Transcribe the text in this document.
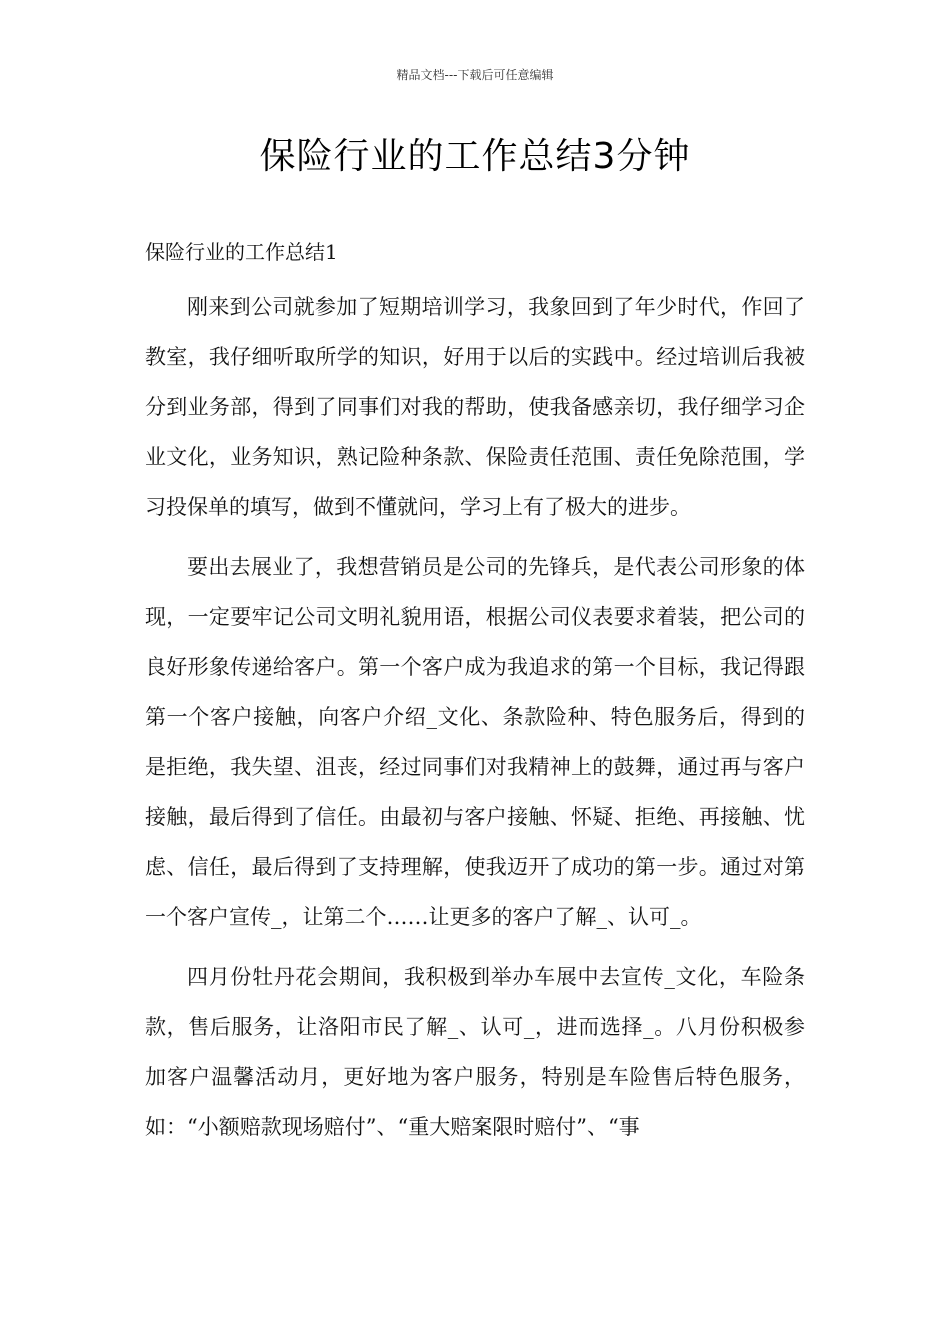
精品文档---下载后可任意编辑
保险行业的工作总结3分钟

保险行业的工作总结1

刚来到公司就参加了短期培训学习，我象回到了年少时代，作回了教室，我仔细听取所学的知识，好用于以后的实践中。经过培训后我被分到业务部，得到了同事们对我的帮助，使我备感亲切，我仔细学习企业文化，业务知识，熟记险种条款、保险责任范围、责任免除范围，学习投保单的填写，做到不懂就问，学习上有了极大的进步。

要出去展业了，我想营销员是公司的先锋兵，是代表公司形象的体现，一定要牢记公司文明礼貌用语，根据公司仪表要求着装，把公司的良好形象传递给客户。第一个客户成为我追求的第一个目标，我记得跟第一个客户接触，向客户介绍_文化、条款险种、特色服务后，得到的是拒绝，我失望、沮丧，经过同事们对我精神上的鼓舞，通过再与客户接触，最后得到了信任。由最初与客户接触、怀疑、拒绝、再接触、忧虑、信任，最后得到了支持理解，使我迈开了成功的第一步。通过对第一个客户宣传_，让第二个……让更多的客户了解_、认可_。

四月份牡丹花会期间，我积极到举办车展中去宣传_文化，车险条款，售后服务，让洛阳市民了解_、认可_，进而选择_。八月份积极参加客户温馨活动月，更好地为客户服务，特别是车险售后特色服务，如：“小额赔款现场赔付”、“重大赔案限时赔付”、“事
